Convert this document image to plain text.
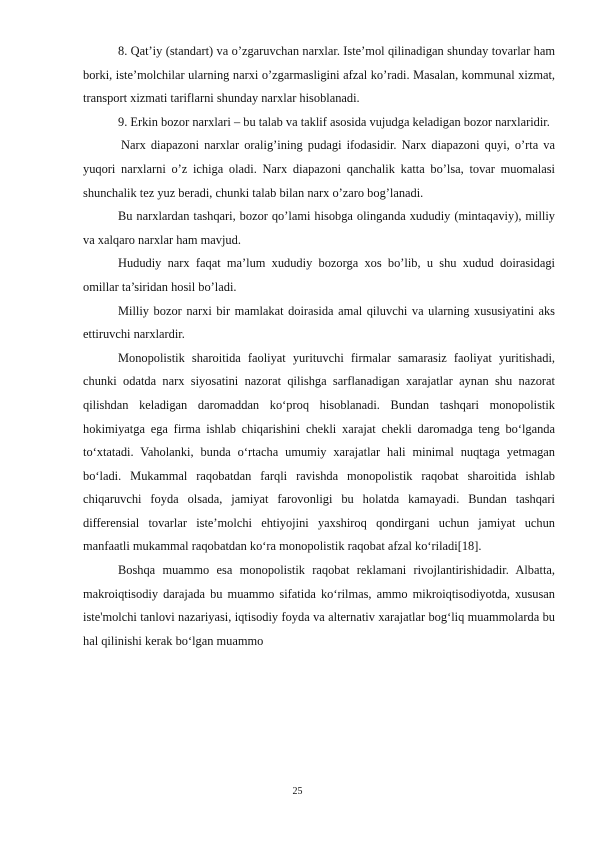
8. Qat’iy (standart) va o’zgaruvchan narxlar. Iste’mol qilinadigan shunday tovarlar ham borki, iste’molchilar ularning narxi o’zgarmasligini afzal ko’radi. Masalan, kommunal xizmat, transport xizmati tariflarni shunday narxlar hisoblanadi.

9. Erkin bozor narxlari – bu talab va taklif asosida vujudga keladigan bozor narxlaridir.

Narx diapazoni narxlar oralig’ining pudagi ifodasidir. Narx diapazoni quyi, o’rta va yuqori narxlarni o’z ichiga oladi. Narx diapazoni qanchalik katta bo’lsa, tovar muomalasi shunchalik tez yuz beradi, chunki talab bilan narx o’zaro bog’lanadi.

Bu narxlardan tashqari, bozor qo’lami hisobga olinganda xududiy (mintaqaviy), milliy va xalqaro narxlar ham mavjud.

Hududiy narx faqat ma’lum xududiy bozorga xos bo’lib, u shu xudud doirasidagi omillar ta’siridan hosil bo’ladi.

Milliy bozor narxi bir mamlakat doirasida amal qiluvchi va ularning xususiyatini aks ettiruvchi narxlardir.

Monopolistik sharoitida faoliyat yurituvchi firmalar samarasiz faoliyat yuritishadi, chunki odatda narx siyosatini nazorat qilishga sarflanadigan xarajatlar aynan shu nazorat qilishdan keladigan daromaddan ko‘proq hisoblanadi. Bundan tashqari monopolistik hokimiyatga ega firma ishlab chiqarishini chekli xarajat chekli daromadga teng bo‘lganda to‘xtatadi. Vaholanki, bunda o‘rtacha umumiy xarajatlar hali minimal nuqtaga yetmagan bo‘ladi. Mukammal raqobatdan farqli ravishda monopolistik raqobat sharoitida ishlab chiqaruvchi foyda olsada, jamiyat farovonligi bu holatda kamayadi. Bundan tashqari differensial tovarlar iste’molchi ehtiyojini yaxshiroq qondirgani uchun jamiyat uchun manfaatli mukammal raqobatdan ko‘ra monopolistik raqobat afzal ko‘riladi[18].

Boshqa muammo esa monopolistik raqobat reklamani rivojlantirishidadir. Albatta, makroiqtisodiy darajada bu muammo sifatida ko‘rilmas, ammo mikroiqtisodiyotda, xususan iste'molchi tanlovi nazariyasi, iqtisodiy foyda va alternativ xarajatlar bog‘liq muammolarda bu hal qilinishi kerak bo‘lgan muammo

25
